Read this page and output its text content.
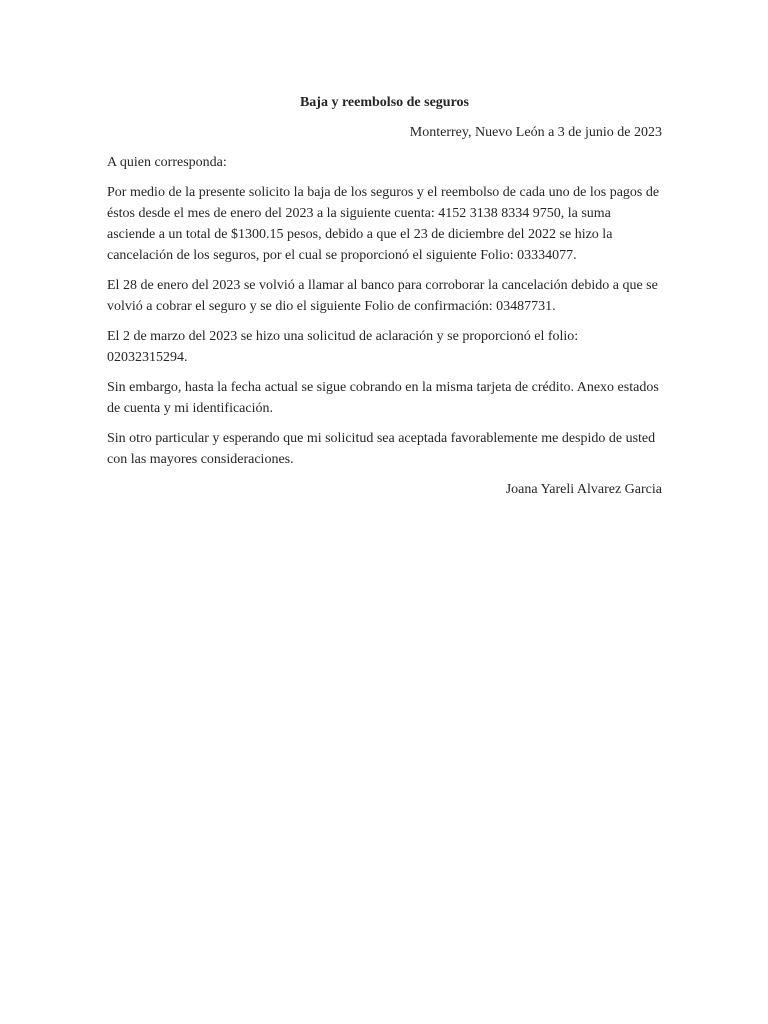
Baja y reembolso de seguros

Monterrey, Nuevo León a 3 de junio de 2023

A quien corresponda:

Por medio de la presente solicito la baja de los seguros y el reembolso de cada uno de los pagos de éstos desde el mes de enero del 2023 a la siguiente cuenta: 4152 3138 8334 9750, la suma asciende a un total de $1300.15 pesos, debido a que el 23 de diciembre del 2022 se hizo la cancelación de los seguros, por el cual se proporcionó el siguiente Folio: 03334077.

El 28 de enero del 2023 se volvió a llamar al banco para corroborar la cancelación debido a que se volvió a cobrar el seguro y se dio el siguiente Folio de confirmación: 03487731.

El 2 de marzo del 2023 se hizo una solicitud de aclaración y se proporcionó el folio: 02032315294.

Sin embargo, hasta la fecha actual se sigue cobrando en la misma tarjeta de crédito. Anexo estados de cuenta y mi identificación.

Sin otro particular y esperando que mi solicitud sea aceptada favorablemente me despido de usted con las mayores consideraciones.

Joana Yareli Alvarez Garcia
